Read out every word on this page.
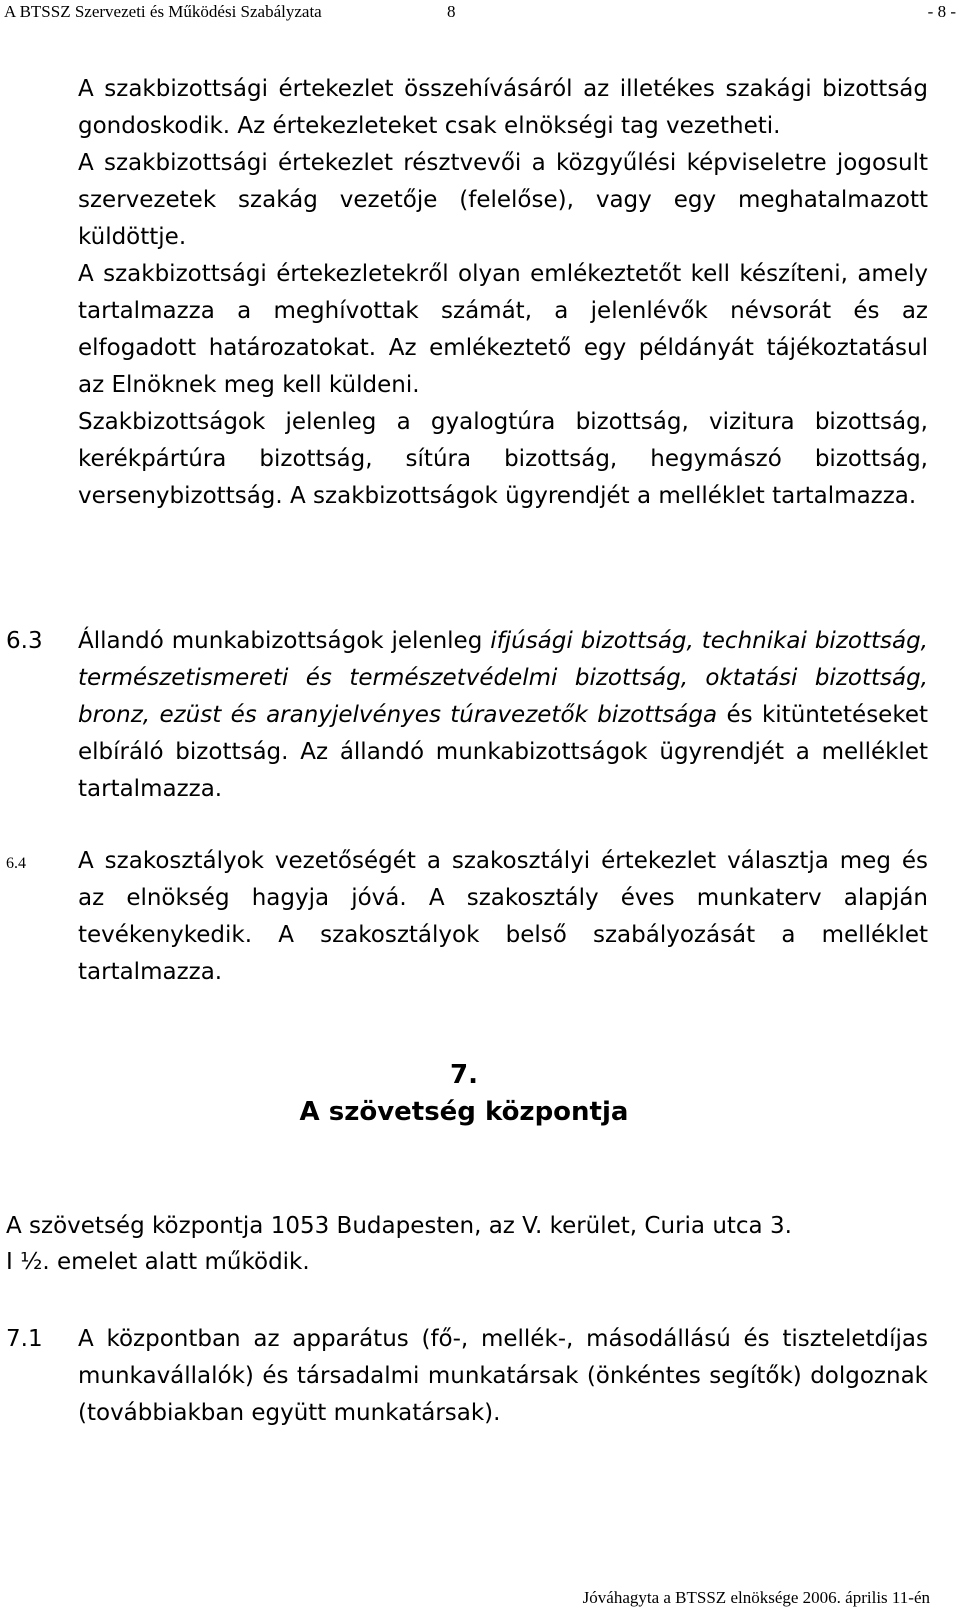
A BTSSZ Szervezeti és Működési Szabályzata	8	- 8 -

A szakbizottsági értekezlet összehívásáról az illetékes szakági bizottság gondoskodik. Az értekezleteket csak elnökségi tag vezetheti.

A szakbizottsági értekezlet résztvevői a közgyűlési képviseletre jogosult szervezetek szakág vezetője (felelőse), vagy egy meghatalmazott küldöttje.

A szakbizottsági értekezletekről olyan emlékeztetőt kell készíteni, amely tartalmazza a meghívottak számát, a jelenlévők névsorát és az elfogadott határozatokat. Az emlékeztető egy példányát tájékoztatásul az Elnöknek meg kell küldeni.

Szakbizottságok jelenleg a gyalogtúra bizottság, vizitura bizottság, kerékpártúra bizottság, sítúra bizottság, hegymászó bizottság, versenybizottság. A szakbizottságok ügyrendjét a melléklet tartalmazza.

6.3 Állandó munkabizottságok jelenleg ifjúsági bizottság, technikai bizottság, természetismereti és természetvédelmi bizottság, oktatási bizottság, bronz, ezüst és aranyjelvényes túravezetők bizottsága és kitüntetéseket elbíráló bizottság. Az állandó munkabizottságok ügyrendjét a melléklet tartalmazza.

6.4 A szakosztályok vezetőségét a szakosztályi értekezlet választja meg és az elnökség hagyja jóvá. A szakosztály éves munkaterv alapján tevékenykedik. A szakosztályok belső szabályozását a melléklet tartalmazza.

7.
A szövetség központja

A szövetség központja 1053 Budapesten, az V. kerület, Curia utca 3.

I ½. emelet alatt működik.

7.1 A központban az apparátus (fő-, mellék-, másodállású és tiszteletdíjas munkavállalók) és társadalmi munkatársak (önkéntes segítők) dolgoznak (továbbiakban együtt munkatársak).

Jóváhagyta a BTSSZ elnöksége 2006. április 11-én
